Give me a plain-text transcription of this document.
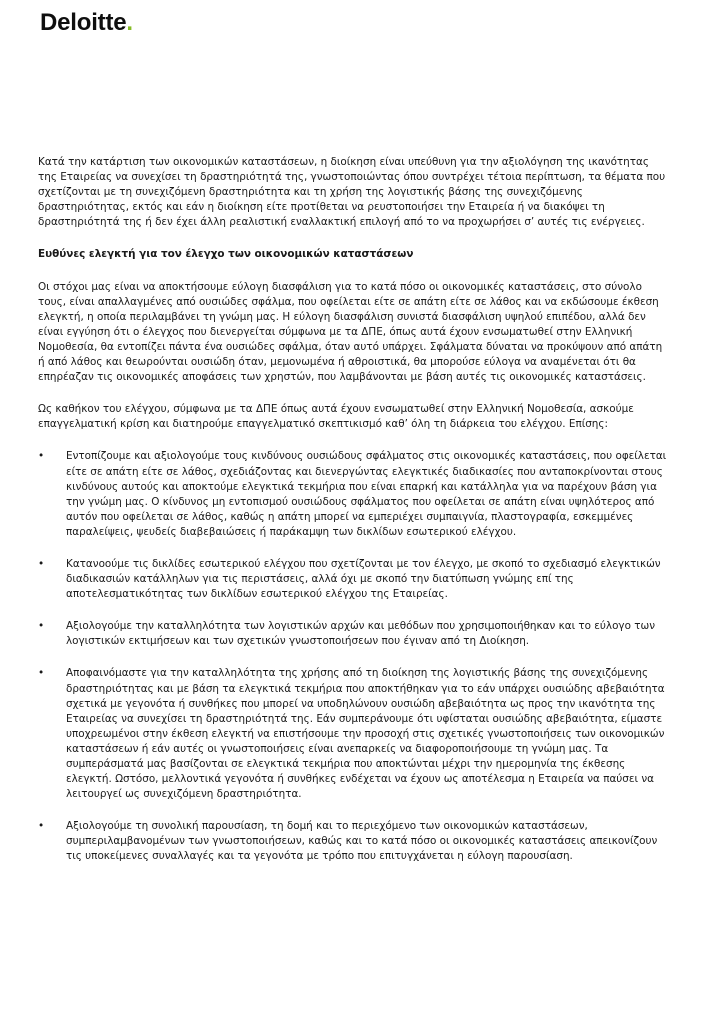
Deloitte.

Κατά την κατάρτιση των οικονομικών καταστάσεων, η διοίκηση είναι υπεύθυνη για την αξιολόγηση της ικανότητας της Εταιρείας να συνεχίσει τη δραστηριότητά της, γνωστοποιώντας όπου συντρέχει τέτοια περίπτωση, τα θέματα που σχετίζονται με τη συνεχιζόμενη δραστηριότητα και τη χρήση της λογιστικής βάσης της συνεχιζόμενης δραστηριότητας, εκτός και εάν η διοίκηση είτε προτίθεται να ρευστοποιήσει την Εταιρεία ή να διακόψει τη δραστηριότητά της ή δεν έχει άλλη ρεαλιστική εναλλακτική επιλογή από το να προχωρήσει σ’ αυτές τις ενέργειες.

Ευθύνες ελεγκτή για τον έλεγχο των οικονομικών καταστάσεων

Οι στόχοι μας είναι να αποκτήσουμε εύλογη διασφάλιση για το κατά πόσο οι οικονομικές καταστάσεις, στο σύνολο τους, είναι απαλλαγμένες από ουσιώδες σφάλμα, που οφείλεται είτε σε απάτη είτε σε λάθος και να εκδώσουμε έκθεση ελεγκτή, η οποία περιλαμβάνει τη γνώμη μας. Η εύλογη διασφάλιση συνιστά διασφάλιση υψηλού επιπέδου, αλλά δεν είναι εγγύηση ότι ο έλεγχος που διενεργείται σύμφωνα με τα ΔΠΕ, όπως αυτά έχουν ενσωματωθεί στην Ελληνική Νομοθεσία, θα εντοπίζει πάντα ένα ουσιώδες σφάλμα, όταν αυτό υπάρχει. Σφάλματα δύναται να προκύψουν από απάτη ή από λάθος και θεωρούνται ουσιώδη όταν, μεμονωμένα ή αθροιστικά, θα μπορούσε εύλογα να αναμένεται ότι θα επηρέαζαν τις οικονομικές αποφάσεις των χρηστών, που λαμβάνονται με βάση αυτές τις οικονομικές καταστάσεις.

Ως καθήκον του ελέγχου, σύμφωνα με τα ΔΠΕ όπως αυτά έχουν ενσωματωθεί στην Ελληνική Νομοθεσία, ασκούμε επαγγελματική κρίση και διατηρούμε επαγγελματικό σκεπτικισμό καθ’ όλη τη διάρκεια του ελέγχου. Επίσης:

• Εντοπίζουμε και αξιολογούμε τους κινδύνους ουσιώδους σφάλματος στις οικονομικές καταστάσεις, που οφείλεται είτε σε απάτη είτε σε λάθος, σχεδιάζοντας και διενεργώντας ελεγκτικές διαδικασίες που ανταποκρίνονται στους κινδύνους αυτούς και αποκτούμε ελεγκτικά τεκμήρια που είναι επαρκή και κατάλληλα για να παρέχουν βάση για την γνώμη μας. Ο κίνδυνος μη εντοπισμού ουσιώδους σφάλματος που οφείλεται σε απάτη είναι υψηλότερος από αυτόν που οφείλεται σε λάθος, καθώς η απάτη μπορεί να εμπεριέχει συμπαιγνία, πλαστογραφία, εσκεμμένες παραλείψεις, ψευδείς διαβεβαιώσεις ή παράκαμψη των δικλίδων εσωτερικού ελέγχου.
• Κατανοούμε τις δικλίδες εσωτερικού ελέγχου που σχετίζονται με τον έλεγχο, με σκοπό το σχεδιασμό ελεγκτικών διαδικασιών κατάλληλων για τις περιστάσεις, αλλά όχι με σκοπό την διατύπωση γνώμης επί της αποτελεσματικότητας των δικλίδων εσωτερικού ελέγχου της Εταιρείας.
• Αξιολογούμε την καταλληλότητα των λογιστικών αρχών και μεθόδων που χρησιμοποιήθηκαν και το εύλογο των λογιστικών εκτιμήσεων και των σχετικών γνωστοποιήσεων που έγιναν από τη Διοίκηση.
• Αποφαινόμαστε για την καταλληλότητα της χρήσης από τη διοίκηση της λογιστικής βάσης της συνεχιζόμενης δραστηριότητας και με βάση τα ελεγκτικά τεκμήρια που αποκτήθηκαν για το εάν υπάρχει ουσιώδης αβεβαιότητα σχετικά με γεγονότα ή συνθήκες που μπορεί να υποδηλώνουν ουσιώδη αβεβαιότητα ως προς την ικανότητα της Εταιρείας να συνεχίσει τη δραστηριότητά της. Εάν συμπεράνουμε ότι υφίσταται ουσιώδης αβεβαιότητα, είμαστε υποχρεωμένοι στην έκθεση ελεγκτή να επιστήσουμε την προσοχή στις σχετικές γνωστοποιήσεις των οικονομικών καταστάσεων ή εάν αυτές οι γνωστοποιήσεις είναι ανεπαρκείς να διαφοροποιήσουμε τη γνώμη μας. Τα συμπεράσματά μας βασίζονται σε ελεγκτικά τεκμήρια που αποκτώνται μέχρι την ημερομηνία της έκθεσης ελεγκτή. Ωστόσο, μελλοντικά γεγονότα ή συνθήκες ενδέχεται να έχουν ως αποτέλεσμα η Εταιρεία να παύσει να λειτουργεί ως συνεχιζόμενη δραστηριότητα.
• Αξιολογούμε τη συνολική παρουσίαση, τη δομή και το περιεχόμενο των οικονομικών καταστάσεων, συμπεριλαμβανομένων των γνωστοποιήσεων, καθώς και το κατά πόσο οι οικονομικές καταστάσεις απεικονίζουν τις υποκείμενες συναλλαγές και τα γεγονότα με τρόπο που επιτυγχάνεται η εύλογη παρουσίαση.
